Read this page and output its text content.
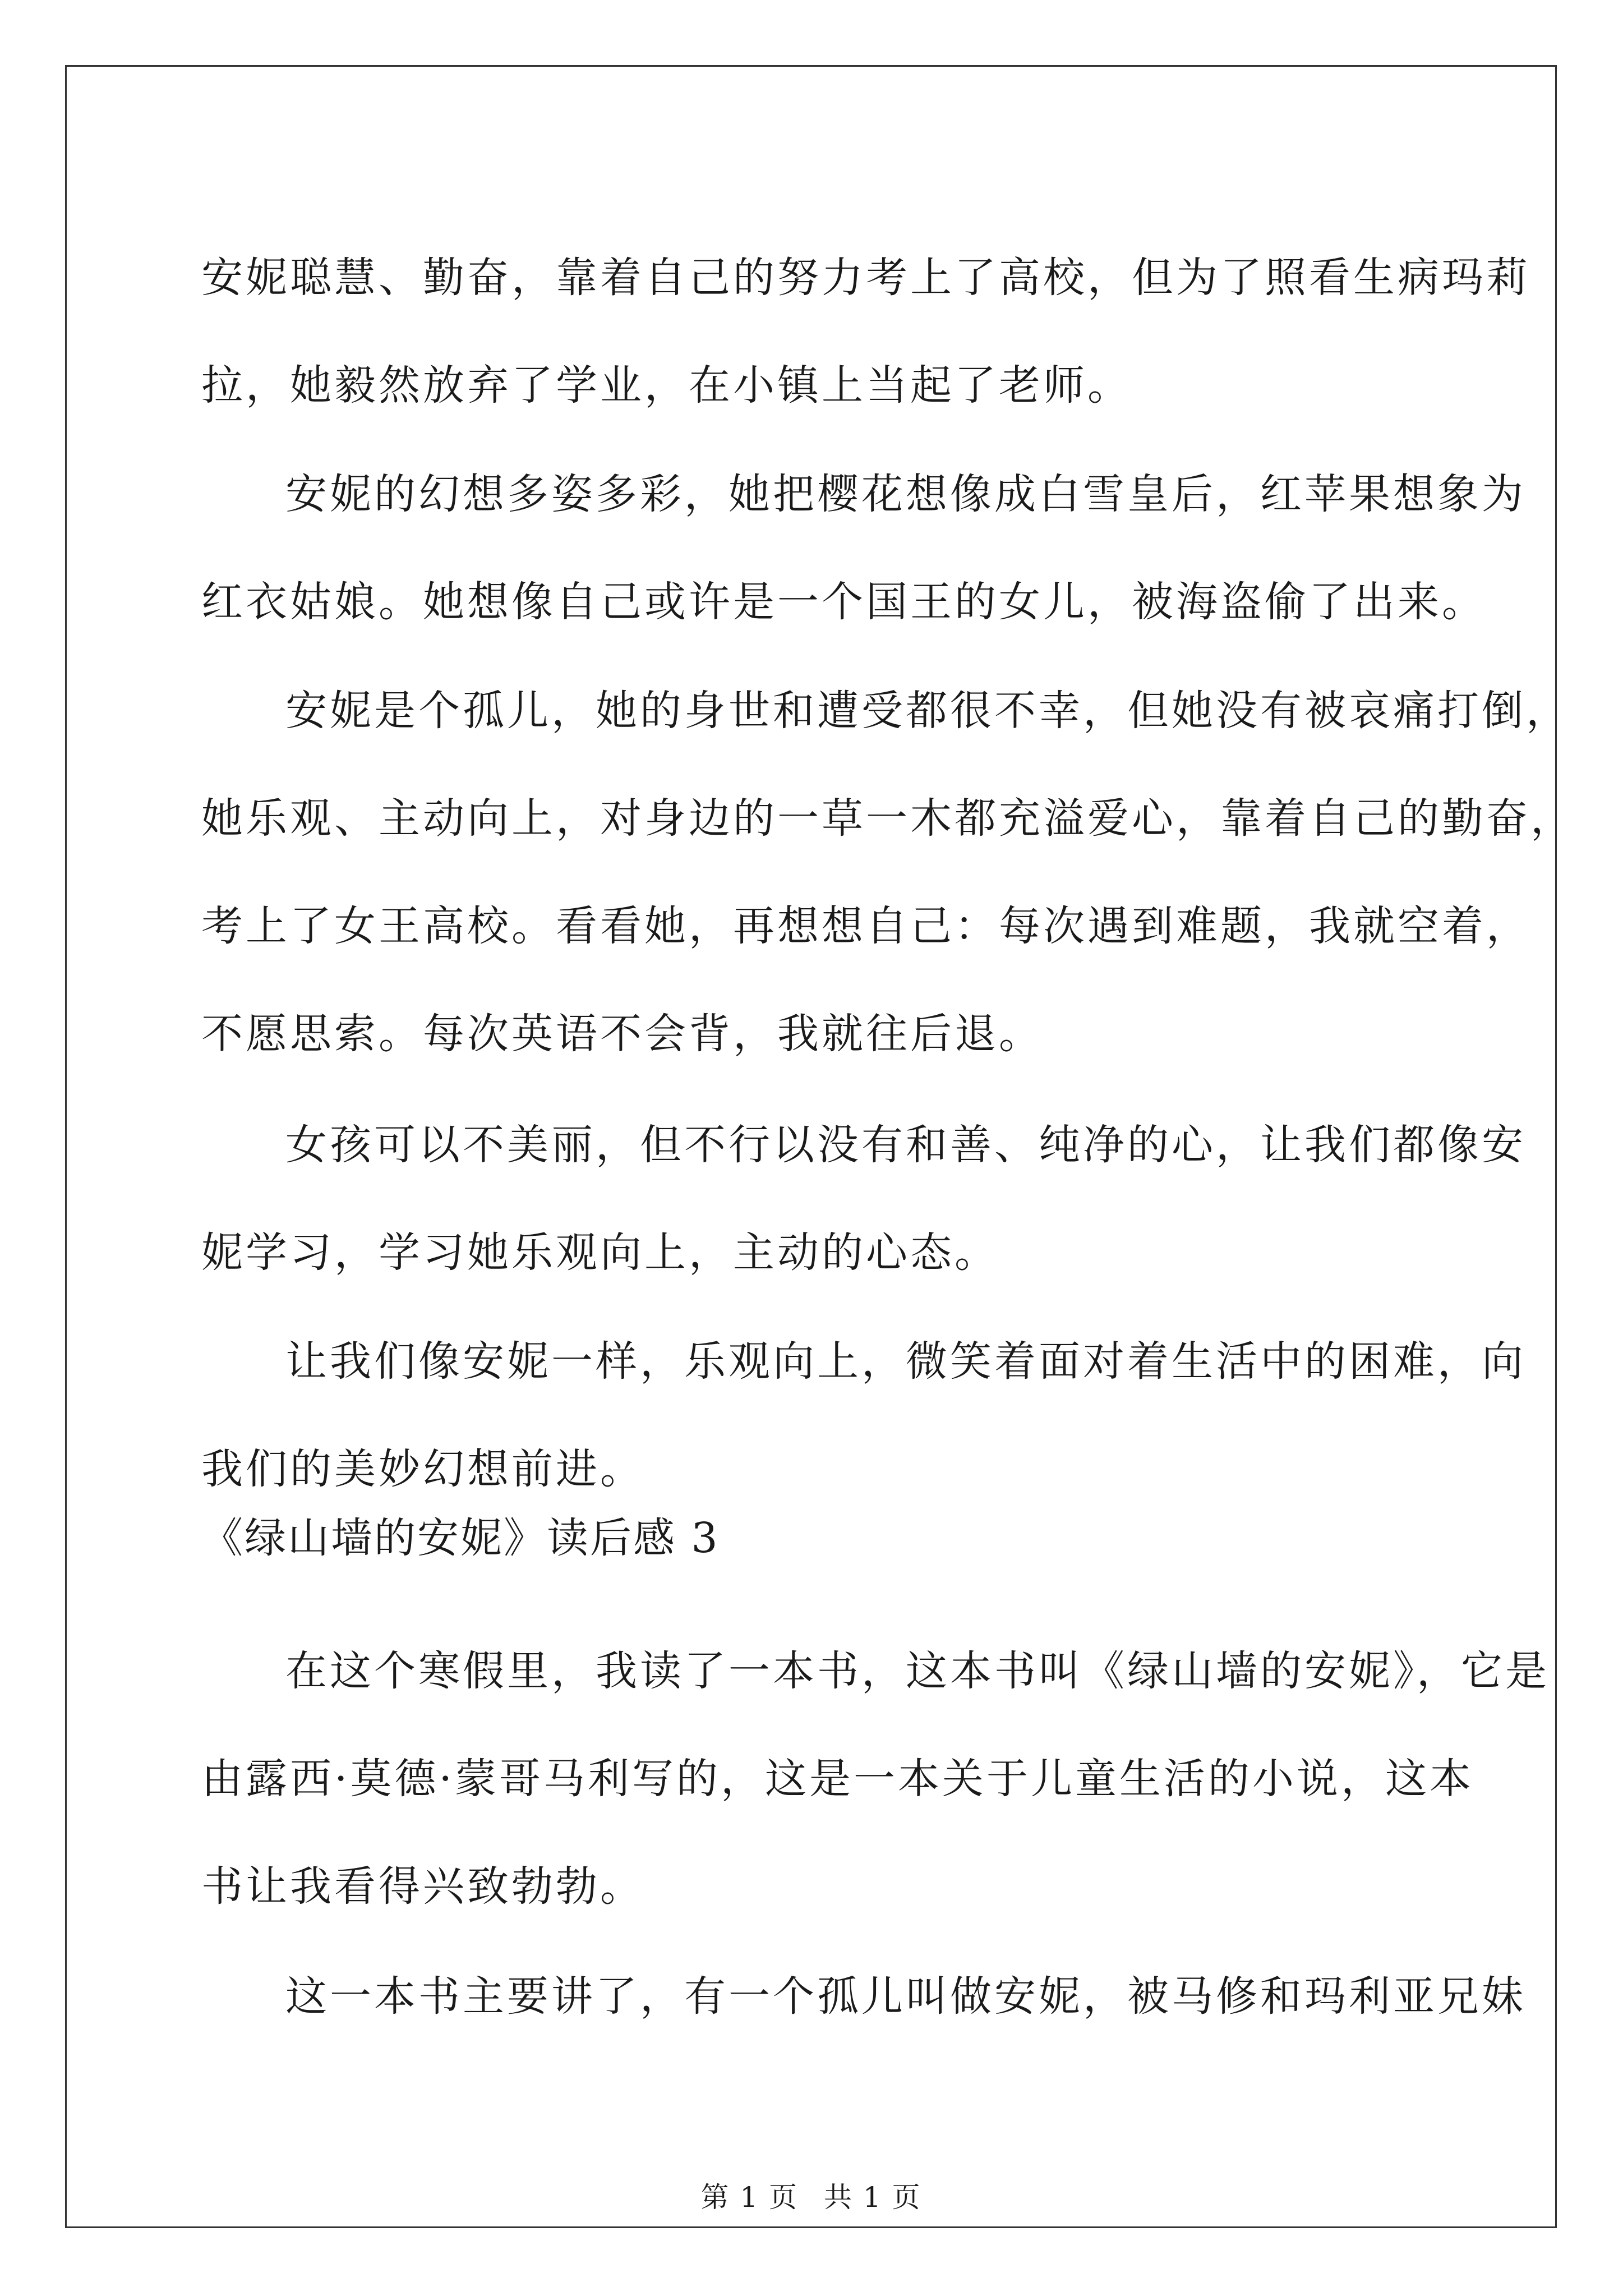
安妮聪慧、勤奋，靠着自己的努力考上了高校，但为了照看生病玛莉
拉，她毅然放弃了学业，在小镇上当起了老师。
安妮的幻想多姿多彩，她把樱花想像成白雪皇后，红苹果想象为
红衣姑娘。她想像自己或许是一个国王的女儿，被海盗偷了出来。
安妮是个孤儿，她的身世和遭受都很不幸，但她没有被哀痛打倒，
她乐观、主动向上，对身边的一草一木都充溢爱心，靠着自己的勤奋，
考上了女王高校。看看她，再想想自己：每次遇到难题，我就空着，
不愿思索。每次英语不会背，我就往后退。
女孩可以不美丽，但不行以没有和善、纯净的心，让我们都像安
妮学习，学习她乐观向上，主动的心态。
让我们像安妮一样，乐观向上，微笑着面对着生活中的困难，向
我们的美妙幻想前进。
《绿山墙的安妮》读后感 3
在这个寒假里，我读了一本书，这本书叫《绿山墙的安妮》，它是
由露西·莫德·蒙哥马利写的，这是一本关于儿童生活的小说，这本
书让我看得兴致勃勃。
这一本书主要讲了，有一个孤儿叫做安妮，被马修和玛利亚兄妹
第 1 页 共 1 页
